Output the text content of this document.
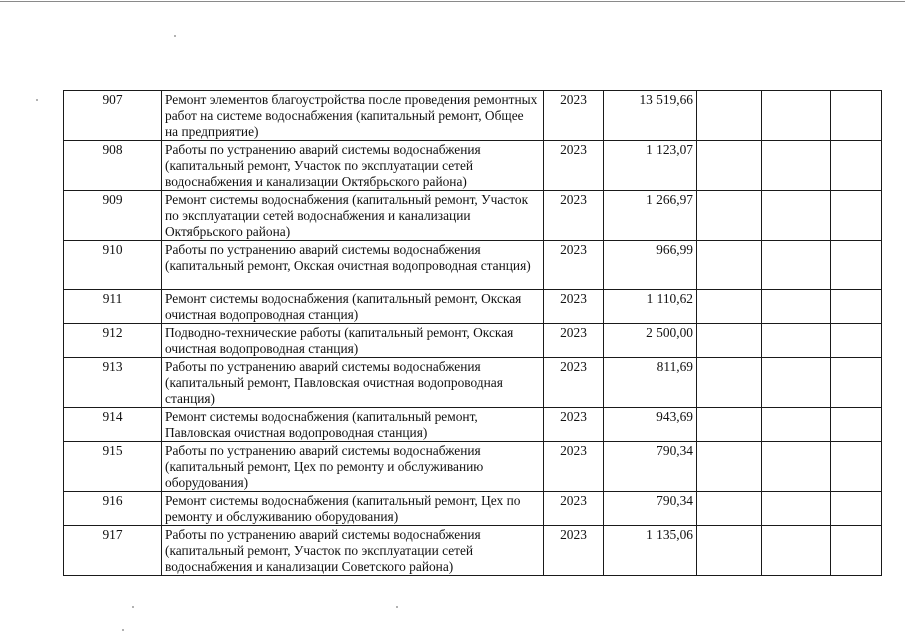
907	Ремонт элементов благоустройства после проведения ремонтных работ на системе водоснабжения (капитальный ремонт, Общее на предприятие)	2023	13 519,66			
908	Работы по устранению аварий системы водоснабжения (капитальный ремонт, Участок по эксплуатации сетей водоснабжения и канализации Октябрьского района)	2023	1 123,07			
909	Ремонт системы водоснабжения (капитальный ремонт, Участок по эксплуатации сетей водоснабжения и канализации Октябрьского района)	2023	1 266,97			
910	Работы по устранению аварий системы водоснабжения (капитальный ремонт, Окская очистная водопроводная станция)	2023	966,99			
911	Ремонт системы водоснабжения (капитальный ремонт, Окская очистная водопроводная станция)	2023	1 110,62			
912	Подводно-технические работы (капитальный ремонт, Окская очистная водопроводная станция)	2023	2 500,00			
913	Работы по устранению аварий системы водоснабжения (капитальный ремонт, Павловская очистная водопроводная станция)	2023	811,69			
914	Ремонт системы водоснабжения (капитальный ремонт, Павловская очистная водопроводная станция)	2023	943,69			
915	Работы по устранению аварий системы водоснабжения (капитальный ремонт, Цех по ремонту и обслуживанию оборудования)	2023	790,34			
916	Ремонт системы водоснабжения (капитальный ремонт, Цех по ремонту и обслуживанию оборудования)	2023	790,34			
917	Работы по устранению аварий системы водоснабжения (капитальный ремонт, Участок по эксплуатации сетей водоснабжения и канализации Советского района)	2023	1 135,06			
